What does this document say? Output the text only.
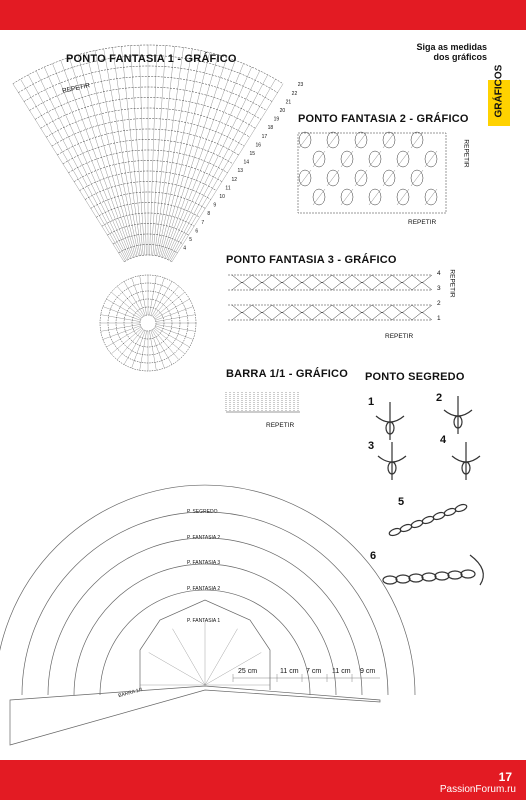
Siga as medidas dos gráficos
GRÁFICOS
PONTO FANTASIA 1 - GRÁFICO
PONTO FANTASIA 2 - GRÁFICO
PONTO FANTASIA 3 - GRÁFICO
BARRA 1/1 - GRÁFICO PONTO SEGREDO
REPETIR
REPETIR
REPETIR
REPETIR
REPETIR
REPETIR
4
3
2
1
1	2
3	4
5
6
P. SEGREDO
P. FANTASIA 2
P. FANTASIA 3
P. FANTASIA 2
P. FANTASIA 1
BARRA 1/1
25 cm	11 cm 7 cm 11 cm 9 cm
23
22
21
20
19
18
17
16
15
14
13
12
11
10
9
8
7
6
5
4
17
PassionForum.ru
